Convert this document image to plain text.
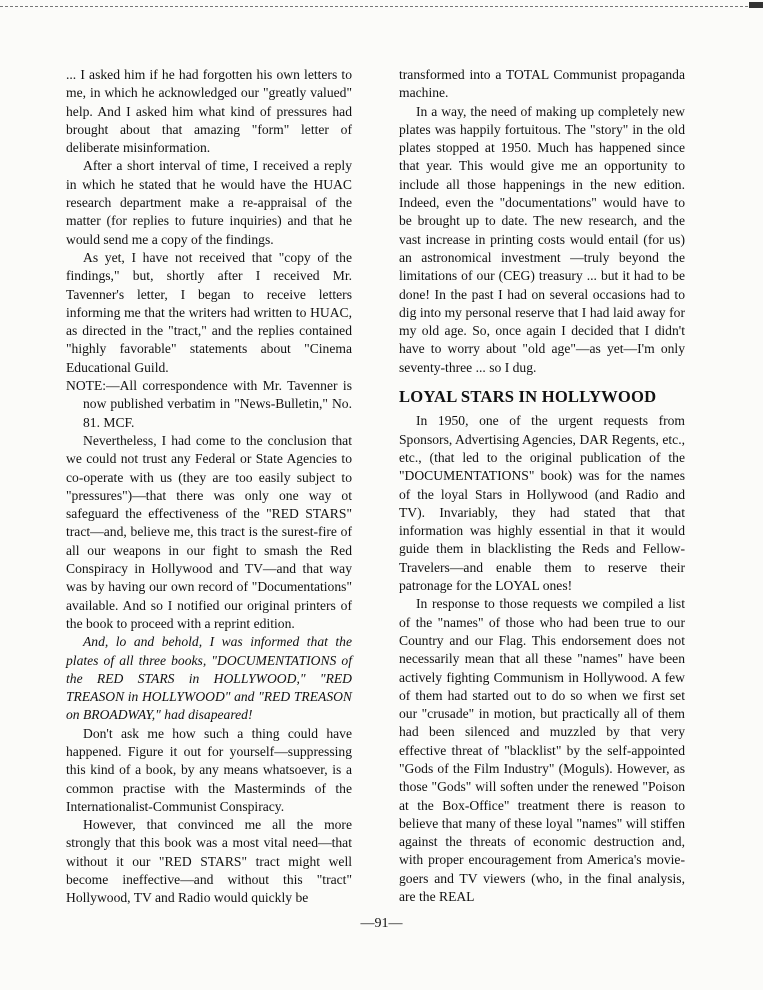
... I asked him if he had forgotten his own letters to me, in which he acknowledged our "greatly valued" help. And I asked him what kind of pressures had brought about that amazing "form" letter of deliberate misinformation.

After a short interval of time, I received a reply in which he stated that he would have the HUAC research department make a re-appraisal of the matter (for replies to future inquiries) and that he would send me a copy of the findings.

As yet, I have not received that "copy of the findings," but, shortly after I received Mr. Tavenner's letter, I began to receive letters informing me that the writers had written to HUAC, as directed in the "tract," and the replies contained "highly favorable" statements about "Cinema Educational Guild.

NOTE:—All correspondence with Mr. Tavenner is now published verbatim in "News-Bulletin," No. 81. MCF.

Nevertheless, I had come to the conclusion that we could not trust any Federal or State Agencies to co-operate with us (they are too easily subject to "pressures")—that there was only one way ot safeguard the effectiveness of the "RED STARS" tract—and, believe me, this tract is the surest-fire of all our weapons in our fight to smash the Red Conspiracy in Hollywood and TV—and that way was by having our own record of "Documentations" available. And so I notified our original printers of the book to proceed with a reprint edition.

And, lo and behold, I was informed that the plates of all three books, "DOCUMENTATIONS of the RED STARS in HOLLYWOOD," "RED TREASON in HOLLYWOOD" and "RED TREASON on BROADWAY," had disapeared!

Don't ask me how such a thing could have happened. Figure it out for yourself—suppressing this kind of a book, by any means whatsoever, is a common practise with the Masterminds of the Internationalist-Communist Conspiracy.

However, that convinced me all the more strongly that this book was a most vital need—that without it our "RED STARS" tract might well become ineffective—and without this "tract" Hollywood, TV and Radio would quickly be

transformed into a TOTAL Communist propaganda machine.

In a way, the need of making up completely new plates was happily fortuitous. The "story" in the old plates stopped at 1950. Much has happened since that year. This would give me an opportunity to include all those happenings in the new edition. Indeed, even the "documentations" would have to be brought up to date. The new research, and the vast increase in printing costs would entail (for us) an astronomical investment —truly beyond the limitations of our (CEG) treasury ... but it had to be done! In the past I had on several occasions had to dig into my personal reserve that I had laid away for my old age. So, once again I decided that I didn't have to worry about "old age"—as yet—I'm only seventy-three ... so I dug.

LOYAL STARS IN HOLLYWOOD

In 1950, one of the urgent requests from Sponsors, Advertising Agencies, DAR Regents, etc., etc., (that led to the original publication of the "DOCUMENTATIONS" book) was for the names of the loyal Stars in Hollywood (and Radio and TV). Invariably, they had stated that that information was highly essential in that it would guide them in blacklisting the Reds and Fellow-Travelers—and enable them to reserve their patronage for the LOYAL ones!

In response to those requests we compiled a list of the "names" of those who had been true to our Country and our Flag. This endorsement does not necessarily mean that all these "names" have been actively fighting Communism in Hollywood. A few of them had started out to do so when we first set our "crusade" in motion, but practically all of them had been silenced and muzzled by that very effective threat of "blacklist" by the self-appointed "Gods of the Film Industry" (Moguls). However, as those "Gods" will soften under the renewed "Poison at the Box-Office" treatment there is reason to believe that many of these loyal "names" will stiffen against the threats of economic destruction and, with proper encouragement from America's movie-goers and TV viewers (who, in the final analysis, are the REAL

—91—
